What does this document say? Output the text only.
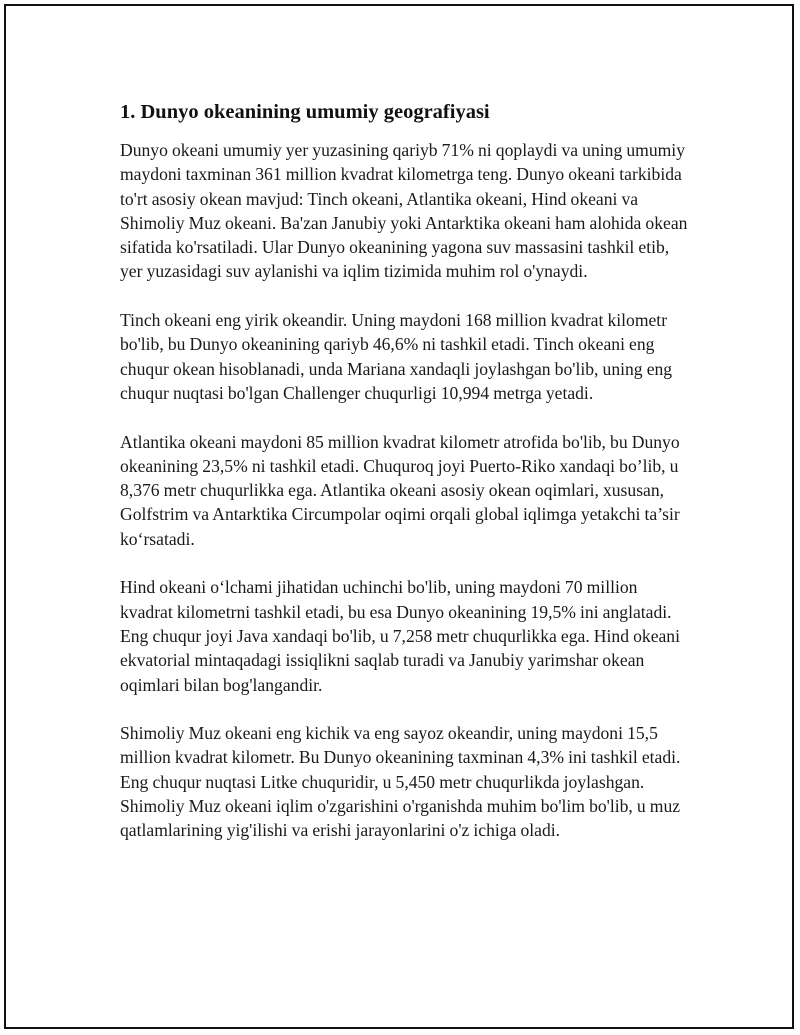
1. Dunyo okeanining umumiy geografiyasi

Dunyo okeani umumiy yer yuzasining qariyb 71% ni qoplaydi va uning umumiy maydoni taxminan 361 million kvadrat kilometrga teng. Dunyo okeani tarkibida to'rt asosiy okean mavjud: Tinch okeani, Atlantika okeani, Hind okeani va Shimoliy Muz okeani. Ba'zan Janubiy yoki Antarktika okeani ham alohida okean sifatida ko'rsatiladi. Ular Dunyo okeanining yagona suv massasini tashkil etib, yer yuzasidagi suv aylanishi va iqlim tizimida muhim rol o'ynaydi.

Tinch okeani eng yirik okeandir. Uning maydoni 168 million kvadrat kilometr bo'lib, bu Dunyo okeanining qariyb 46,6% ni tashkil etadi. Tinch okeani eng chuqur okean hisoblanadi, unda Mariana xandaqli joylashgan bo'lib, uning eng chuqur nuqtasi bo'lgan Challenger chuqurligi 10,994 metrga yetadi.

Atlantika okeani maydoni 85 million kvadrat kilometr atrofida bo'lib, bu Dunyo okeanining 23,5% ni tashkil etadi. Chuquroq joyi Puerto-Riko xandaqi bo’lib, u 8,376 metr chuqurlikka ega. Atlantika okeani asosiy okean oqimlari, xususan, Golfstrim va Antarktika Circumpolar oqimi orqali global iqlimga yetakchi ta’sir ko‘rsatadi.

Hind okeani o‘lchami jihatidan uchinchi bo'lib, uning maydoni 70 million kvadrat kilometrni tashkil etadi, bu esa Dunyo okeanining 19,5% ini anglatadi. Eng chuqur joyi Java xandaqi bo'lib, u 7,258 metr chuqurlikka ega. Hind okeani ekvatorial mintaqadagi issiqlikni saqlab turadi va Janubiy yarimshar okean oqimlari bilan bog'langandir.

Shimoliy Muz okeani eng kichik va eng sayoz okeandir, uning maydoni 15,5 million kvadrat kilometr. Bu Dunyo okeanining taxminan 4,3% ini tashkil etadi. Eng chuqur nuqtasi Litke chuquridir, u 5,450 metr chuqurlikda joylashgan. Shimoliy Muz okeani iqlim o'zgarishini o'rganishda muhim bo'lim bo'lib, u muz qatlamlarining yig'ilishi va erishi jarayonlarini o'z ichiga oladi.
